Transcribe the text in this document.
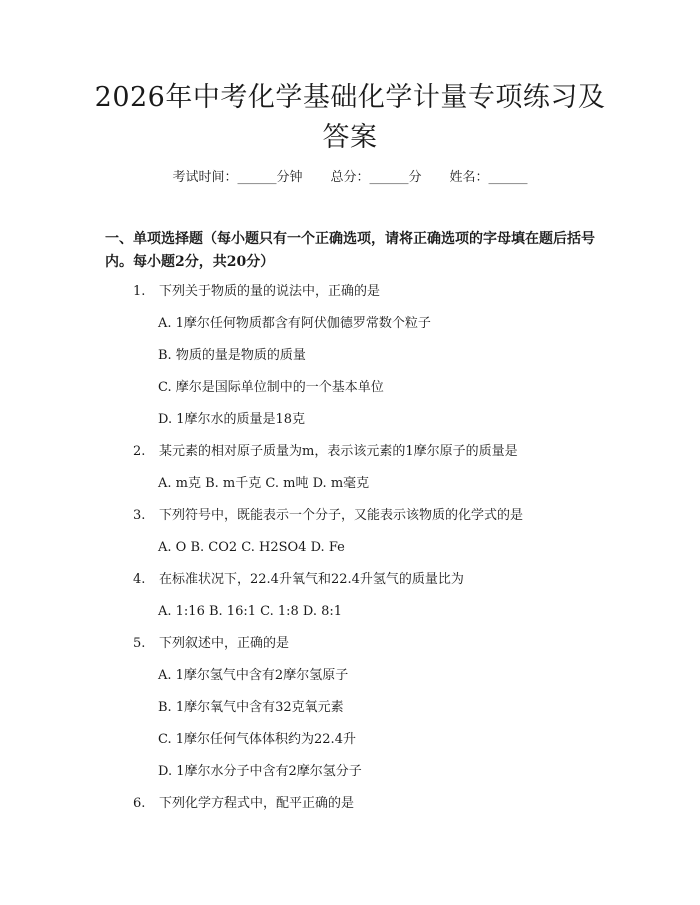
2026年中考化学基础化学计量专项练习及答案
考试时间：______分钟 总分：______分 姓名：______

一、单项选择题（每小题只有一个正确选项，请将正确选项的字母填在题后括号内。每小题2分，共20分）

1. 下列关于物质的量的说法中，正确的是
A. 1摩尔任何物质都含有阿伏伽德罗常数个粒子
B. 物质的量是物质的质量
C. 摩尔是国际单位制中的一个基本单位
D. 1摩尔水的质量是18克
2. 某元素的相对原子质量为m，表示该元素的1摩尔原子的质量是
A. m克 B. m千克 C. m吨 D. m毫克
3. 下列符号中，既能表示一个分子，又能表示该物质的化学式的是
A. O B. CO2 C. H2SO4 D. Fe
4. 在标准状况下，22.4升氧气和22.4升氢气的质量比为
A. 1:16 B. 16:1 C. 1:8 D. 8:1
5. 下列叙述中，正确的是
A. 1摩尔氢气中含有2摩尔氢原子
B. 1摩尔氧气中含有32克氧元素
C. 1摩尔任何气体体积约为22.4升
D. 1摩尔水分子中含有2摩尔氢分子
6. 下列化学方程式中，配平正确的是
